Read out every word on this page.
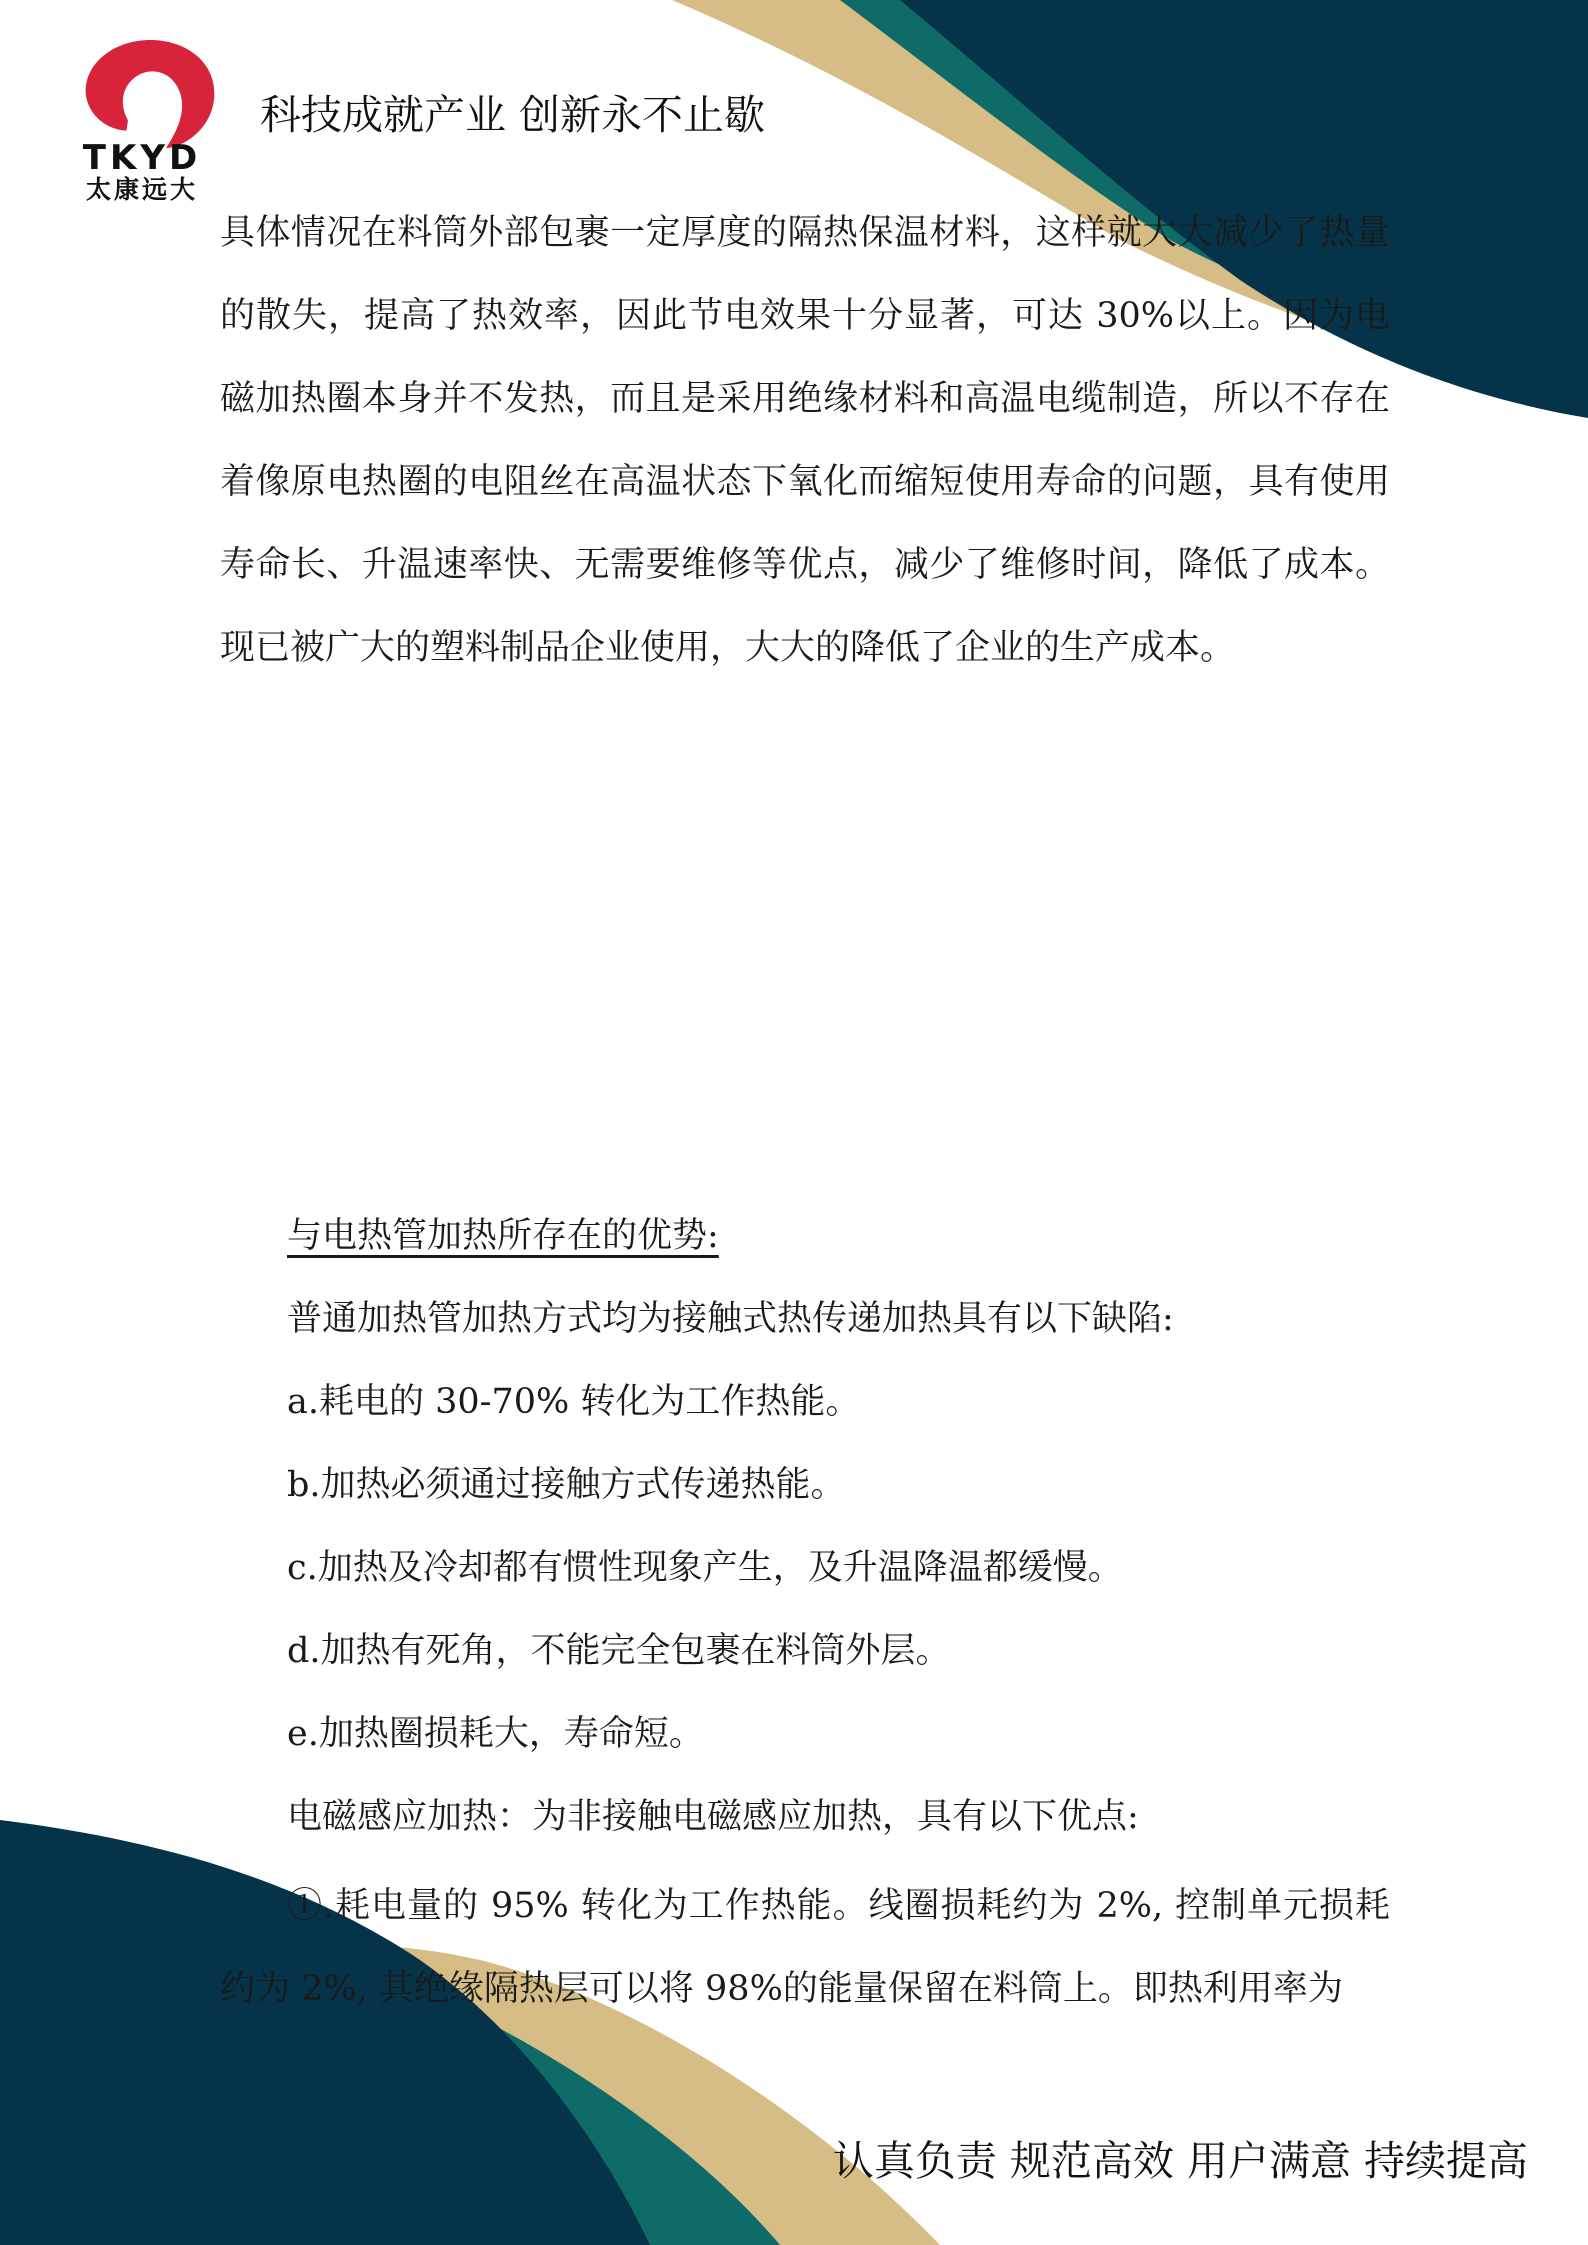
TKYD
太康远大
科技成就产业 创新永不止歇

具体情况在料筒外部包裹一定厚度的隔热保温材料，这样就大大减少了热量的散失，提高了热效率，因此节电效果十分显著，可达 30%以上。因为电磁加热圈本身并不发热，而且是采用绝缘材料和高温电缆制造，所以不存在着像原电热圈的电阻丝在高温状态下氧化而缩短使用寿命的问题，具有使用寿命长、升温速率快、无需要维修等优点，减少了维修时间，降低了成本。现已被广大的塑料制品企业使用，大大的降低了企业的生产成本。

与电热管加热所存在的优势:

普通加热管加热方式均为接触式热传递加热具有以下缺陷:

a.耗电的 30-70% 转化为工作热能。

b.加热必须通过接触方式传递热能。

c.加热及冷却都有惯性现象产生，及升温降温都缓慢。

d.加热有死角，不能完全包裹在料筒外层。

e.加热圈损耗大，寿命短。

电磁感应加热：为非接触电磁感应加热，具有以下优点:

①.耗电量的 95% 转化为工作热能。线圈损耗约为 2%, 控制单元损耗约为 2%, 其绝缘隔热层可以将 98%的能量保留在料筒上。即热利用率为

认真负责 规范高效 用户满意 持续提高
